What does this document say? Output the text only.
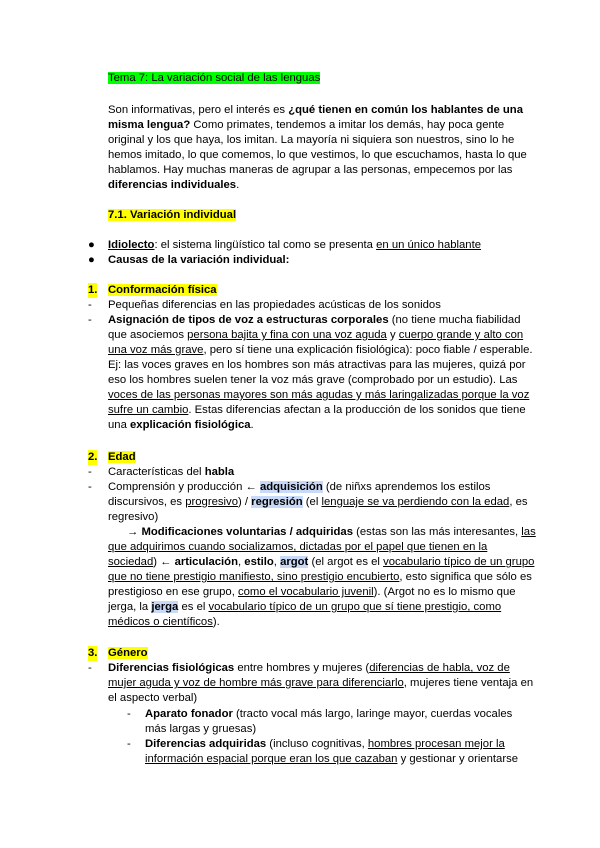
Tema 7: La variación social de las lenguas
Son informativas, pero el interés es ¿qué tienen en común los hablantes de una
misma lengua? Como primates, tendemos a imitar los demás, hay poca gente
original y los que haya, los imitan. La mayoría ni siquiera son nuestros, sino lo he
hemos imitado, lo que comemos, lo que vestimos, lo que escuchamos, hasta lo que
hablamos. Hay muchas maneras de agrupar a las personas, empecemos por las
diferencias individuales.
7.1. Variación individual
● Idiolecto: el sistema lingüístico tal como se presenta en un único hablante
● Causas de la variación individual:
1. Conformación física
- Pequeñas diferencias en las propiedades acústicas de los sonidos
- Asignación de tipos de voz a estructuras corporales (no tiene mucha fiabilidad
que asociemos persona bajita y fina con una voz aguda y cuerpo grande y alto con
una voz más grave, pero sí tiene una explicación fisiológica): poco fiable / esperable.
Ej: las voces graves en los hombres son más atractivas para las mujeres, quizá por
eso los hombres suelen tener la voz más grave (comprobado por un estudio). Las
voces de las personas mayores son más agudas y más laringalizadas porque la voz
sufre un cambio. Estas diferencias afectan a la producción de los sonidos que tiene
una explicación fisiológica.
2. Edad
- Características del habla
- Comprensión y producción ← adquisición (de niñxs aprendemos los estilos
discursivos, es progresivo) / regresión (el lenguaje se va perdiendo con la edad, es
regresivo)
→ Modificaciones voluntarias / adquiridas (estas son las más interesantes, las
que adquirimos cuando socializamos, dictadas por el papel que tienen en la
sociedad) ← articulación, estilo, argot (el argot es el vocabulario típico de un grupo
que no tiene prestigio manifiesto, sino prestigio encubierto, esto significa que sólo es
prestigioso en ese grupo, como el vocabulario juvenil). (Argot no es lo mismo que
jerga, la jerga es el vocabulario típico de un grupo que sí tiene prestigio, como
médicos o científicos).
3. Género
- Diferencias fisiológicas entre hombres y mujeres (diferencias de habla, voz de
mujer aguda y voz de hombre más grave para diferenciarlo, mujeres tiene ventaja en
el aspecto verbal)
- Aparato fonador (tracto vocal más largo, laringe mayor, cuerdas vocales
más largas y gruesas)
- Diferencias adquiridas (incluso cognitivas, hombres procesan mejor la
información espacial porque eran los que cazaban y gestionar y orientarse
